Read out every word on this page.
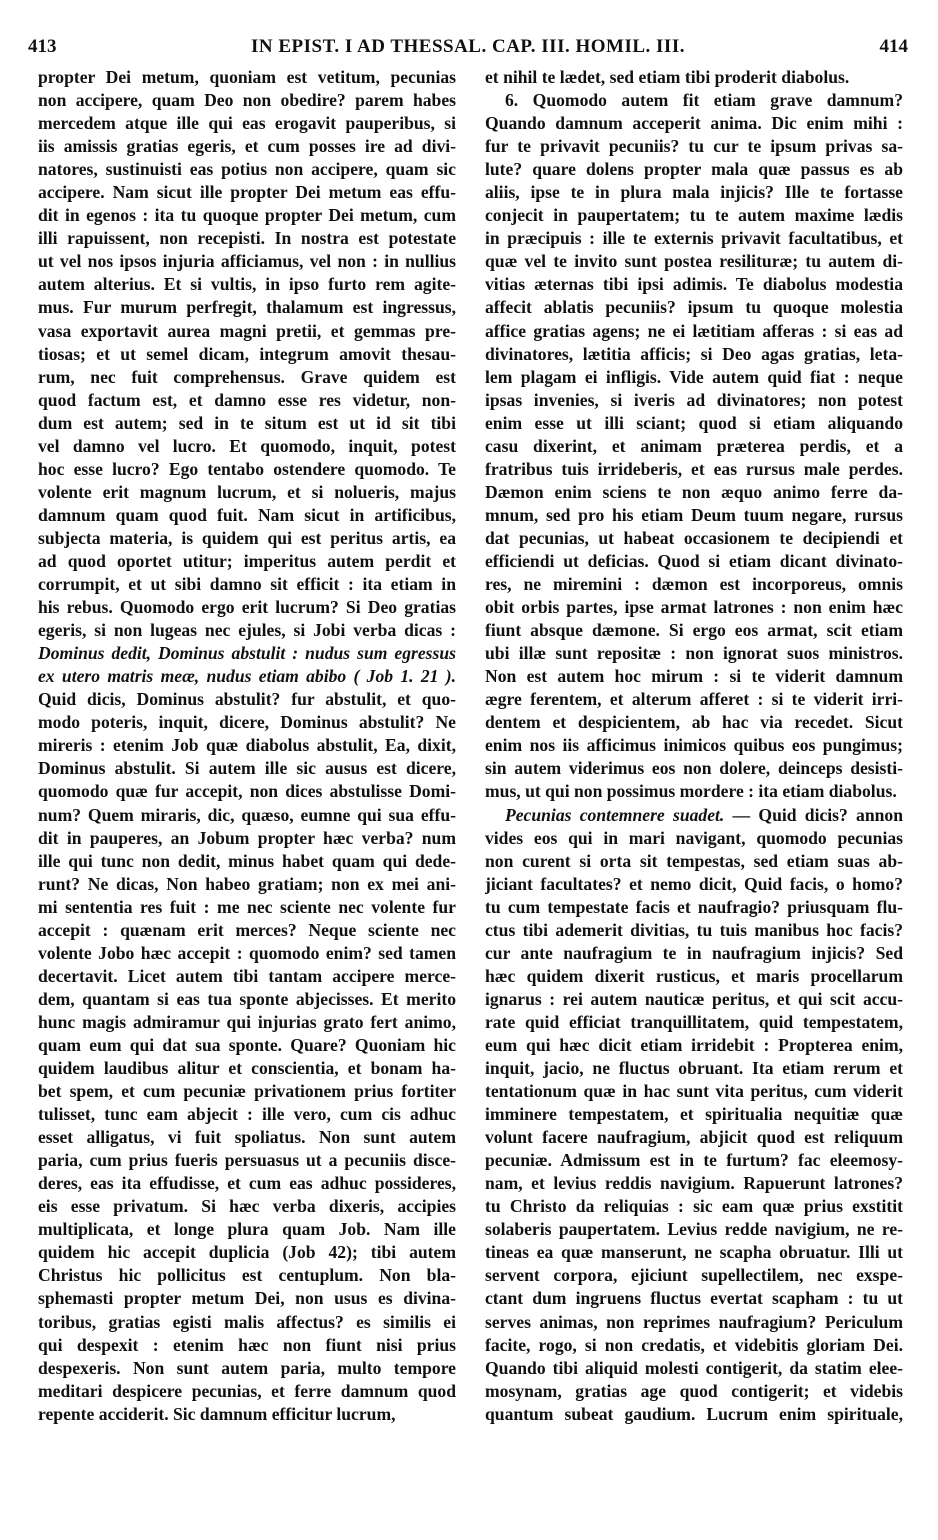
413	IN EPIST. I AD THESSAL. CAP. III. HOMIL. III.	414
propter Dei metum, quoniam est vetitum, pecunias
non accipere, quam Deo non obedire? parem habes
mercedem atque ille qui eas erogavit pauperibus, si
iis amissis gratias egeris, et cum posses ire ad divi-
natores, sustinuisti eas potius non accipere, quam sic
accipere. Nam sicut ille propter Dei metum eas effu-
dit in egenos : ita tu quoque propter Dei metum, cum
illi rapuissent, non recepisti. In nostra est potestate
ut vel nos ipsos injuria afficiamus, vel non : in nullius
autem alterius. Et si vultis, in ipso furto rem agite-
mus. Fur murum perfregit, thalamum est ingressus,
vasa exportavit aurea magni pretii, et gemmas pre-
tiosas; et ut semel dicam, integrum amovit thesau-
rum, nec fuit comprehensus. Grave quidem est
quod factum est, et damno esse res videtur, non-
dum est autem; sed in te situm est ut id sit tibi
vel damno vel lucro. Et quomodo, inquit, potest
hoc esse lucro? Ego tentabo ostendere quomodo. Te
volente erit magnum lucrum, et si nolueris, majus
damnum quam quod fuit. Nam sicut in artificibus,
subjecta materia, is quidem qui est peritus artis, ea
ad quod oportet utitur; imperitus autem perdit et
corrumpit, et ut sibi damno sit efficit : ita etiam in
his rebus. Quomodo ergo erit lucrum? Si Deo gratias
egeris, si non lugeas nec ejules, si Jobi verba dicas :
Dominus dedit, Dominus abstulit : nudus sum egressus
ex utero matris meæ, nudus etiam abibo ( Job 1. 21 ).
Quid dicis, Dominus abstulit? fur abstulit, et quo-
modo poteris, inquit, dicere, Dominus abstulit? Ne
mireris : etenim Job quæ diabolus abstulit, Ea, dixit,
Dominus abstulit. Si autem ille sic ausus est dicere,
quomodo quæ fur accepit, non dices abstulisse Domi-
num? Quem miraris, dic, quæso, eumne qui sua effu-
dit in pauperes, an Jobum propter hæc verba? num
ille qui tunc non dedit, minus habet quam qui dede-
runt? Ne dicas, Non habeo gratiam; non ex mei ani-
mi sententia res fuit : me nec sciente nec volente fur
accepit : quænam erit merces? Neque sciente nec
volente Jobo hæc accepit : quomodo enim? sed tamen
decertavit. Licet autem tibi tantam accipere merce-
dem, quantam si eas tua sponte abjecisses. Et merito
hunc magis admiramur qui injurias grato fert animo,
quam eum qui dat sua sponte. Quare? Quoniam hic
quidem laudibus alitur et conscientia, et bonam ha-
bet spem, et cum pecuniæ privationem prius fortiter
tulisset, tunc eam abjecit : ille vero, cum cis adhuc
esset alligatus, vi fuit spoliatus. Non sunt autem
paria, cum prius fueris persuasus ut a pecuniis disce-
deres, eas ita effudisse, et cum eas adhuc possideres,
eis esse privatum. Si hæc verba dixeris, accipies
multiplicata, et longe plura quam Job. Nam ille
quidem hic accepit duplicia (Job 42); tibi autem
Christus hic pollicitus est centuplum. Non bla-
sphemasti propter metum Dei, non usus es divina-
toribus, gratias egisti malis affectus? es similis ei
qui despexit : etenim hæc non fiunt nisi prius
despexeris. Non sunt autem paria, multo tempore
meditari despicere pecunias, et ferre damnum quod
repente acciderit. Sic damnum efficitur lucrum,
et nihil te lædet, sed etiam tibi proderit diabolus.
6. Quomodo autem fit etiam grave damnum?
Quando damnum acceperit anima. Dic enim mihi :
fur te privavit pecuniis? tu cur te ipsum privas sa-
lute? quare dolens propter mala quæ passus es ab
aliis, ipse te in plura mala injicis? Ille te fortasse
conjecit in paupertatem; tu te autem maxime lædis
in præcipuis : ille te externis privavit facultatibus, et
quæ vel te invito sunt postea resilituræ; tu autem di-
vitias æternas tibi ipsi adimis. Te diabolus modestia
affecit ablatis pecuniis? ipsum tu quoque molestia
affice gratias agens; ne ei lætitiam afferas : si eas ad
divinatores, lætitia afficis; si Deo agas gratias, leta-
lem plagam ei infligis. Vide autem quid fiat : neque
ipsas invenies, si iveris ad divinatores; non potest
enim esse ut illi sciant; quod si etiam aliquando
casu dixerint, et animam præterea perdis, et a
fratribus tuis irrideberis, et eas rursus male perdes.
Dæmon enim sciens te non æquo animo ferre da-
mnum, sed pro his etiam Deum tuum negare, rursus
dat pecunias, ut habeat occasionem te decipiendi et
efficiendi ut deficias. Quod si etiam dicant divinato-
res, ne miremini : dæmon est incorporeus, omnis
obit orbis partes, ipse armat latrones : non enim hæc
fiunt absque dæmone. Si ergo eos armat, scit etiam
ubi illæ sunt repositæ : non ignorat suos ministros.
Non est autem hoc mirum : si te viderit damnum
ægre ferentem, et alterum afferet : si te viderit irri-
dentem et despicientem, ab hac via recedet. Sicut
enim nos iis afficimus inimicos quibus eos pungimus;
sin autem viderimus eos non dolere, deinceps desisti-
mus, ut qui non possimus mordere : ita etiam diabolus.
Pecunias contemnere suadet. — Quid dicis? annon
vides eos qui in mari navigant, quomodo pecunias
non curent si orta sit tempestas, sed etiam suas ab-
jiciant facultates? et nemo dicit, Quid facis, o homo?
tu cum tempestate facis et naufragio? priusquam flu-
ctus tibi ademerit divitias, tu tuis manibus hoc facis?
cur ante naufragium te in naufragium injicis? Sed
hæc quidem dixerit rusticus, et maris procellarum
ignarus : rei autem nauticæ peritus, et qui scit accu-
rate quid efficiat tranquillitatem, quid tempestatem,
eum qui hæc dicit etiam irridebit : Propterea enim,
inquit, jacio, ne fluctus obruant. Ita etiam rerum et
tentationum quæ in hac sunt vita peritus, cum viderit
imminere tempestatem, et spiritualia nequitiæ quæ
volunt facere naufragium, abjicit quod est reliquum
pecuniæ. Admissum est in te furtum? fac eleemosy-
nam, et levius reddis navigium. Rapuerunt latrones?
tu Christo da reliquias : sic eam quæ prius exstitit
solaberis paupertatem. Levius redde navigium, ne re-
tineas ea quæ manserunt, ne scapha obruatur. Illi ut
servent corpora, ejiciunt supellectilem, nec exspe-
ctant dum ingruens fluctus evertat scapham : tu ut
serves animas, non reprimes naufragium? Periculum
facite, rogo, si non credatis, et videbitis gloriam Dei.
Quando tibi aliquid molesti contigerit, da statim elee-
mosynam, gratias age quod contigerit; et videbis
quantum subeat gaudium. Lucrum enim spirituale,
